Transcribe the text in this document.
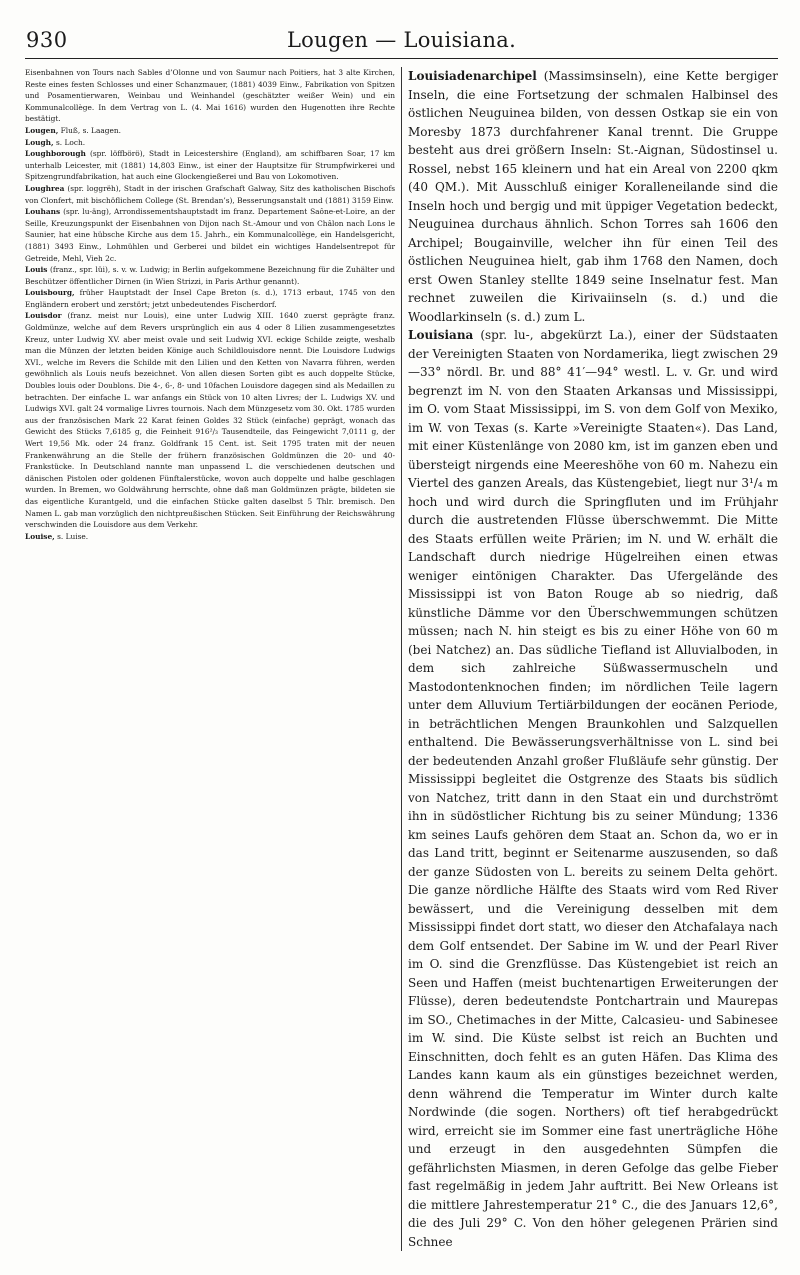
930	Lougen — Louisiana.

Eisenbahnen von Tours nach Sables d’Olonne und von Saumur nach Poitiers, hat 3 alte Kirchen, Reste eines festen Schlosses und einer Schanzmauer, (1881) 4039 Einw., Fabrikation von Spitzen und Posamentierwaren, Weinbau und Weinhandel (geschätzter weißer Wein) und ein Kommunalcollège. In dem Vertrag von L. (4. Mai 1616) wurden den Hugenotten ihre Rechte bestätigt.

Lougen, Fluß, s. Laagen.

Lough, s. Loch.

Loughborough (spr. löffbörö), Stadt in Leicestershire (England), am schiffbaren Soar, 17 km unterhalb Leicester, mit (1881) 14,803 Einw., ist einer der Hauptsitze für Strumpfwirkerei und Spitzengrundfabrikation, hat auch eine Glockengießerei und Bau von Lokomotiven.

Loughrea (spr. loggrëh), Stadt in der irischen Grafschaft Galway, Sitz des katholischen Bischofs von Clonfert, mit bischöflichem College (St. Brendan’s), Besserungsanstalt und (1881) 3159 Einw.

Louhans (spr. lu-äng), Arrondissementshauptstadt im franz. Departement Saône-et-Loire, an der Seille, Kreuzungspunkt der Eisenbahnen von Dijon nach St.-Amour und von Châlon nach Lons le Saunier, hat eine hübsche Kirche aus dem 15. Jahrh., ein Kommunalcollège, ein Handelsgericht, (1881) 3493 Einw., Lohmühlen und Gerberei und bildet ein wichtiges Handelsentrepot für Getreide, Mehl, Vieh 2c.

Louis (franz., spr. lüi), s. v. w. Ludwig; in Berlin aufgekommene Bezeichnung für die Zuhälter und Beschützer öffentlicher Dirnen (in Wien Strizzi, in Paris Arthur genannt).

Louisbourg, früher Hauptstadt der Insel Cape Breton (s. d.), 1713 erbaut, 1745 von den Engländern erobert und zerstört; jetzt unbedeutendes Fischerdorf.

Louisdor (franz. meist nur Louis), eine unter Ludwig XIII. 1640 zuerst geprägte franz. Goldmünze, welche auf dem Revers ursprünglich ein aus 4 oder 8 Lilien zusammengesetztes Kreuz, unter Ludwig XV. aber meist ovale und seit Ludwig XVI. eckige Schilde zeigte, weshalb man die Münzen der letzten beiden Könige auch Schildlouisdore nennt. Die Louisdore Ludwigs XVI., welche im Revers die Schilde mit den Lilien und den Ketten von Navarra führen, werden gewöhnlich als Louis neufs bezeichnet. Von allen diesen Sorten gibt es auch doppelte Stücke, Doubles louis oder Doublons. Die 4-, 6-, 8- und 10fachen Louisdore dagegen sind als Medaillen zu betrachten. Der einfache L. war anfangs ein Stück von 10 alten Livres; der L. Ludwigs XV. und Ludwigs XVI. galt 24 vormalige Livres tournois. Nach dem Münzgesetz vom 30. Okt. 1785 wurden aus der französischen Mark 22 Karat feinen Goldes 32 Stück (einfache) geprägt, wonach das Gewicht des Stücks 7,6185 g, die Feinheit 916²/₃ Tausendteile, das Feingewicht 7,0111 g, der Wert 19,56 Mk. oder 24 franz. Goldfrank 15 Cent. ist. Seit 1795 traten mit der neuen Frankenwährung an die Stelle der frühern französischen Goldmünzen die 20- und 40-Frankstücke. In Deutschland nannte man unpassend L. die verschiedenen deutschen und dänischen Pistolen oder goldenen Fünftalerstücke, wovon auch doppelte und halbe geschlagen wurden. In Bremen, wo Goldwährung herrschte, ohne daß man Goldmünzen prägte, bildeten sie das eigentliche Kurantgeld, und die einfachen Stücke galten daselbst 5 Thlr. bremisch. Den Namen L. gab man vorzüglich den nichtpreußischen Stücken. Seit Einführung der Reichswährung verschwinden die Louisdore aus dem Verkehr.

Louise, s. Luise.

Louisiadenarchipel (Massimsinseln), eine Kette bergiger Inseln, die eine Fortsetzung der schmalen Halbinsel des östlichen Neuguinea bilden, von dessen Ostkap sie ein von Moresby 1873 durchfahrener Kanal trennt. Die Gruppe besteht aus drei größern Inseln: St.-Aignan, Südostinsel u. Rossel, nebst 165 kleinern und hat ein Areal von 2200 qkm (40 QM.). Mit Ausschluß einiger Koralleneilande sind die Inseln hoch und bergig und mit üppiger Vegetation bedeckt, Neuguinea durchaus ähnlich. Schon Torres sah 1606 den Archipel; Bougainville, welcher ihn für einen Teil des östlichen Neuguinea hielt, gab ihm 1768 den Namen, doch erst Owen Stanley stellte 1849 seine Inselnatur fest. Man rechnet zuweilen die Kirivaiinseln (s. d.) und die Woodlarkinseln (s. d.) zum L.

Louisiana (spr. lu-, abgekürzt La.), einer der Südstaaten der Vereinigten Staaten von Nordamerika, liegt zwischen 29—33° nördl. Br. und 88° 41′—94° westl. L. v. Gr. und wird begrenzt im N. von den Staaten Arkansas und Mississippi, im O. vom Staat Mississippi, im S. von dem Golf von Mexiko, im W. von Texas (s. Karte »Vereinigte Staaten«). Das Land, mit einer Küstenlänge von 2080 km, ist im ganzen eben und übersteigt nirgends eine Meereshöhe von 60 m. Nahezu ein Viertel des ganzen Areals, das Küstengebiet, liegt nur 3¹/₄ m hoch und wird durch die Springfluten und im Frühjahr durch die austretenden Flüsse überschwemmt. Die Mitte des Staats erfüllen weite Prärien; im N. und W. erhält die Landschaft durch niedrige Hügelreihen einen etwas weniger eintönigen Charakter. Das Ufergelände des Mississippi ist von Baton Rouge ab so niedrig, daß künstliche Dämme vor den Überschwemmungen schützen müssen; nach N. hin steigt es bis zu einer Höhe von 60 m (bei Natchez) an. Das südliche Tiefland ist Alluvialboden, in dem sich zahlreiche Süßwassermuscheln und Mastodontenknochen finden; im nördlichen Teile lagern unter dem Alluvium Tertiärbildungen der eocänen Periode, in beträchtlichen Mengen Braunkohlen und Salzquellen enthaltend. Die Bewässerungsverhältnisse von L. sind bei der bedeutenden Anzahl großer Flußläufe sehr günstig. Der Mississippi begleitet die Ostgrenze des Staats bis südlich von Natchez, tritt dann in den Staat ein und durchströmt ihn in südöstlicher Richtung bis zu seiner Mündung; 1336 km seines Laufs gehören dem Staat an. Schon da, wo er in das Land tritt, beginnt er Seitenarme auszusenden, so daß der ganze Südosten von L. bereits zu seinem Delta gehört. Die ganze nördliche Hälfte des Staats wird vom Red River bewässert, und die Vereinigung desselben mit dem Mississippi findet dort statt, wo dieser den Atchafalaya nach dem Golf entsendet. Der Sabine im W. und der Pearl River im O. sind die Grenzflüsse. Das Küstengebiet ist reich an Seen und Haffen (meist buchtenartigen Erweiterungen der Flüsse), deren bedeutendste Pontchartrain und Maurepas im SO., Chetimaches in der Mitte, Calcasieu- und Sabinesee im W. sind. Die Küste selbst ist reich an Buchten und Einschnitten, doch fehlt es an guten Häfen. Das Klima des Landes kann kaum als ein günstiges bezeichnet werden, denn während die Temperatur im Winter durch kalte Nordwinde (die sogen. Northers) oft tief herabgedrückt wird, erreicht sie im Sommer eine fast unerträgliche Höhe und erzeugt in den ausgedehnten Sümpfen die gefährlichsten Miasmen, in deren Gefolge das gelbe Fieber fast regelmäßig in jedem Jahr auftritt. Bei New Orleans ist die mittlere Jahrestemperatur 21° C., die des Januars 12,6°, die des Juli 29° C. Von den höher gelegenen Prärien sind Schnee
